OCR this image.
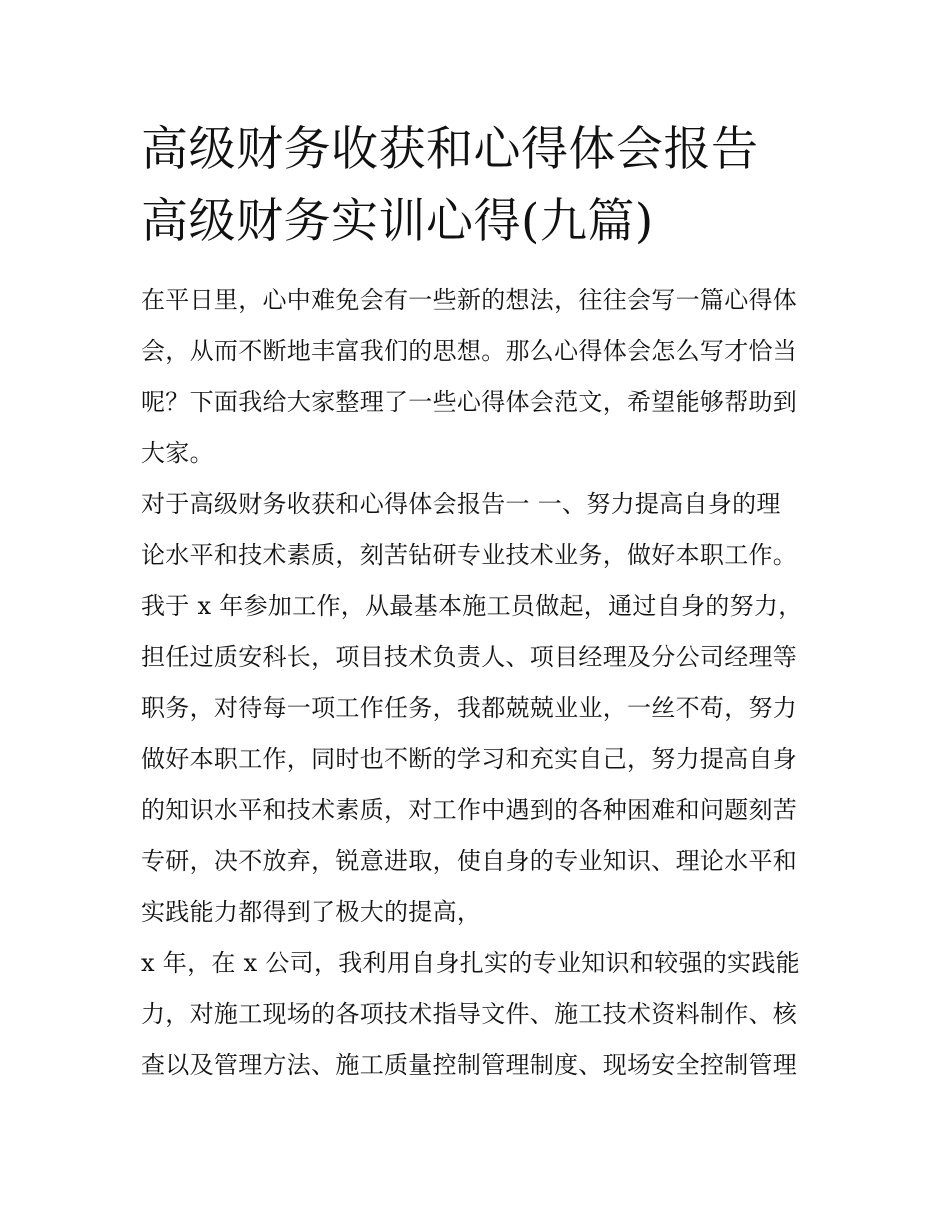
高级财务收获和心得体会报告
高级财务实训心得(九篇)
在平日里，心中难免会有一些新的想法，往往会写一篇心得体
会，从而不断地丰富我们的思想。那么心得体会怎么写才恰当
呢？下面我给大家整理了一些心得体会范文，希望能够帮助到
大家。
对于高级财务收获和心得体会报告一 一、努力提高自身的理
论水平和技术素质，刻苦钻研专业技术业务，做好本职工作。
我于 x 年参加工作，从最基本施工员做起，通过自身的努力，
担任过质安科长，项目技术负责人、项目经理及分公司经理等
职务，对待每一项工作任务，我都兢兢业业，一丝不苟，努力
做好本职工作，同时也不断的学习和充实自己，努力提高自身
的知识水平和技术素质，对工作中遇到的各种困难和问题刻苦
专研，决不放弃，锐意进取，使自身的专业知识、理论水平和
实践能力都得到了极大的提高，
x 年，在 x 公司，我利用自身扎实的专业知识和较强的实践能
力，对施工现场的各项技术指导文件、施工技术资料制作、核
查以及管理方法、施工质量控制管理制度、现场安全控制管理
